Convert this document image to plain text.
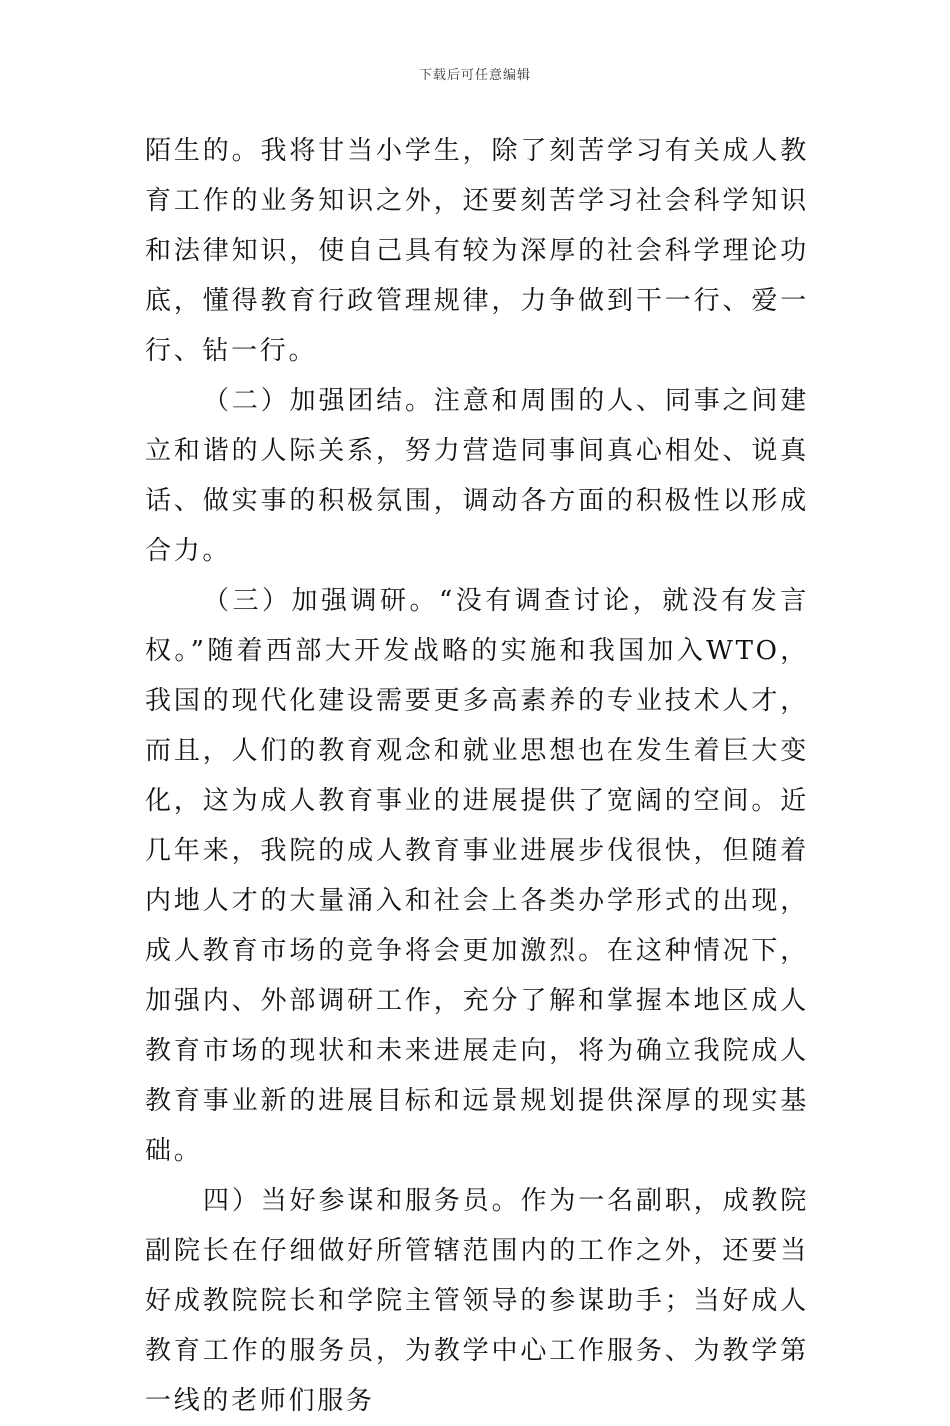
下载后可任意编辑

陌生的。我将甘当小学生，除了刻苦学习有关成人教育工作的业务知识之外，还要刻苦学习社会科学知识和法律知识，使自己具有较为深厚的社会科学理论功底，懂得教育行政管理规律，力争做到干一行、爱一行、钻一行。

（二）加强团结。注意和周围的人、同事之间建立和谐的人际关系，努力营造同事间真心相处、说真话、做实事的积极氛围，调动各方面的积极性以形成合力。

（三）加强调研。“没有调查讨论，就没有发言权。”随着西部大开发战略的实施和我国加入WTO，我国的现代化建设需要更多高素养的专业技术人才，而且，人们的教育观念和就业思想也在发生着巨大变化，这为成人教育事业的进展提供了宽阔的空间。近几年来，我院的成人教育事业进展步伐很快，但随着内地人才的大量涌入和社会上各类办学形式的出现，成人教育市场的竞争将会更加激烈。在这种情况下，加强内、外部调研工作，充分了解和掌握本地区成人教育市场的现状和未来进展走向，将为确立我院成人教育事业新的进展目标和远景规划提供深厚的现实基础。

四）当好参谋和服务员。作为一名副职，成教院副院长在仔细做好所管辖范围内的工作之外，还要当好成教院院长和学院主管领导的参谋助手；当好成人教育工作的服务员，为教学中心工作服务、为教学第一线的老师们服务
